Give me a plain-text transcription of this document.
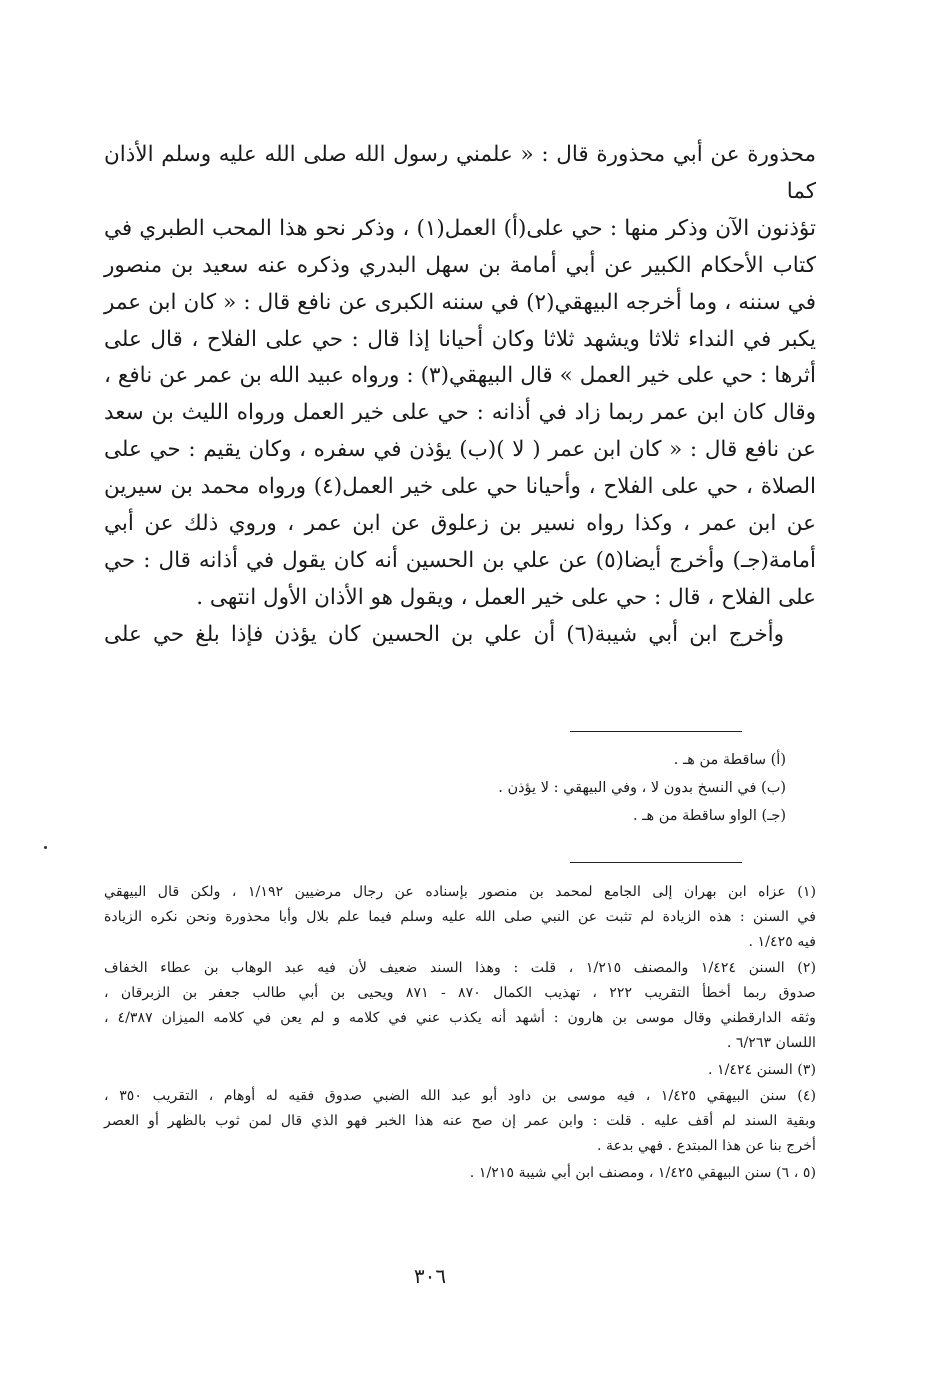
محذورة عن أبي محذورة قال : « علمني رسول الله صلى الله عليه وسلم الأذان كما

تؤذنون الآن وذكر منها : حي على(أ) العمل(١) ، وذكر نحو هذا المحب الطبري في

كتاب الأحكام الكبير عن أبي أمامة بن سهل البدري وذكره عنه سعيد بن منصور

في سننه ، وما أخرجه البيهقي(٢) في سننه الكبرى عن نافع قال : « كان ابن عمر

يكبر في النداء ثلاثا ويشهد ثلاثا وكان أحيانا إذا قال : حي على الفلاح ، قال على

أثرها : حي على خير العمل » قال البيهقي(٣) : ورواه عبيد الله بن عمر عن نافع ،

وقال كان ابن عمر ربما زاد في أذانه : حي على خير العمل ورواه الليث بن سعد

عن نافع قال : « كان ابن عمر ( لا )(ب) يؤذن في سفره ، وكان يقيم : حي على

الصلاة ، حي على الفلاح ، وأحيانا حي على خير العمل(٤) ورواه محمد بن سيرين

عن ابن عمر ، وكذا رواه نسير بن زعلوق عن ابن عمر ، وروي ذلك عن أبي

أمامة(جـ) وأخرج أيضا(٥) عن علي بن الحسين أنه كان يقول في أذانه قال : حي

على الفلاح ، قال : حي على خير العمل ، ويقول هو الأذان الأول انتهى .

وأخرج ابن أبي شيبة(٦) أن علي بن الحسين كان يؤذن فإذا بلغ حي على

(أ) ساقطة من هـ .
(ب) في النسخ بدون لا ، وفي البيهقي : لا يؤذن .
(جـ) الواو ساقطة من هـ .
(١) عزاه ابن بهران إلى الجامع لمحمد بن منصور بإسناده عن رجال مرضيين ١/١٩٢ ، ولكن قال البيهقي
في السنن : هذه الزيادة لم تثبت عن النبي صلى الله عليه وسلم فيما علم بلال وأبا محذورة ونحن نكره الزيادة
فيه ١/٤٢٥ .
(٢) السنن ١/٤٢٤ والمصنف ١/٢١٥ ، قلت : وهذا السند ضعيف لأن فيه عبد الوهاب بن عطاء الخفاف
صدوق ربما أخطأ التقريب ٢٢٢ ، تهذيب الكمال ٨٧٠ - ٨٧١ ويحيى بن أبي طالب جعفر بن الزبرقان ،
وثقه الدارقطني وقال موسى بن هارون : أشهد أنه يكذب عني في كلامه و لم يعن في كلامه الميزان ٤/٣٨٧ ،
اللسان ٦/٢٦٣ .
(٣) السنن ١/٤٢٤ .
(٤) سنن البيهقي ١/٤٢٥ ، فيه موسى بن داود أبو عبد الله الضبي صدوق فقيه له أوهام ، التقريب ٣٥٠ ،
وبقية السند لم أقف عليه . قلت : وابن عمر إن صح عنه هذا الخبر فهو الذي قال لمن ثوب بالظهر أو العصر
أخرج بنا عن هذا المبتدع . فهي بدعة .
(٥ ، ٦) سنن البيهقي ١/٤٢٥ ، ومصنف ابن أبي شيبة ١/٢١٥ .
٣٠٦
